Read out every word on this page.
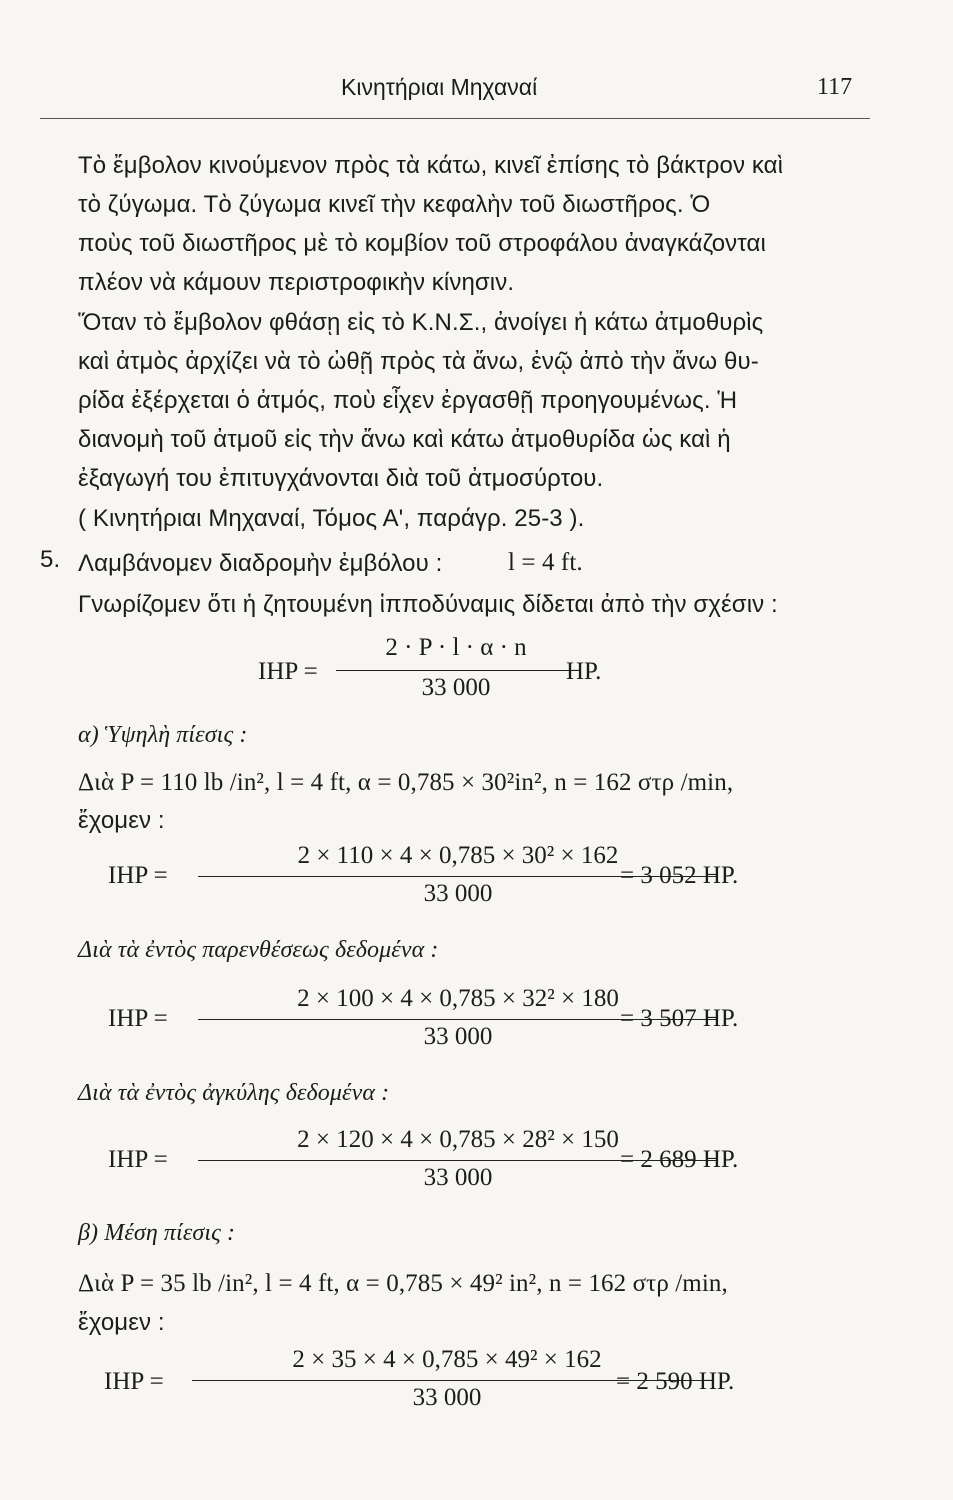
Κινητήριαι Μηχαναί	117
Τὸ ἔμβολον κινούμενον πρὸς τὰ κάτω, κινεῖ ἐπίσης τὸ βάκτρον καὶ
τὸ ζύγωμα. Τὸ ζύγωμα κινεῖ τὴν κεφαλὴν τοῦ διωστῆρος. Ὁ
ποὺς τοῦ διωστῆρος μὲ τὸ κομβίον τοῦ στροφάλου ἀναγκάζονται
πλέον νὰ κάμουν περιστροφικὴν κίνησιν.
Ὅταν τὸ ἔμβολον φθάσῃ εἰς τὸ Κ.Ν.Σ., ἀνοίγει ἡ κάτω ἀτμοθυρὶς
καὶ ἀτμὸς ἀρχίζει νὰ τὸ ὠθῇ πρὸς τὰ ἄνω, ἐνῷ ἀπὸ τὴν ἄνω θυ-
ρίδα ἐξέρχεται ὁ ἀτμός, ποὺ εἶχεν ἐργασθῇ προηγουμένως. Ἡ
διανομὴ τοῦ ἀτμοῦ εἰς τὴν ἄνω καὶ κάτω ἀτμοθυρίδα ὡς καὶ ἡ
ἐξαγωγή του ἐπιτυγχάνονται διὰ τοῦ ἀτμοσύρτου.
( Κινητήριαι Μηχαναί, Τόμος Α', παράγρ. 25-3 ).
5. Λαμβάνομεν διαδρομὴν ἐμβόλου :	l = 4 ft.
Γνωρίζομεν ὅτι ἡ ζητουμένη ἱπποδύναμις δίδεται ἀπὸ τὴν σχέσιν :
IHP =
2 · P · l · α · n
33 000
HP.
α) Ὑψηλὴ πίεσις :
Διὰ P = 110 lb /in², l = 4 ft, α = 0,785 × 30²in², n = 162 στρ /min,
ἔχομεν :
IHP =
2 × 110 × 4 × 0,785 × 30² × 162
33 000
= 3 052 HP.
Διὰ τὰ ἐντὸς παρενθέσεως δεδομένα :
IHP =
2 × 100 × 4 × 0,785 × 32² × 180
33 000
= 3 507 HP.
Διὰ τὰ ἐντὸς ἀγκύλης δεδομένα :
IHP =
2 × 120 × 4 × 0,785 × 28² × 150
33 000
= 2 689 HP.
β) Μέση πίεσις :
Διὰ P = 35 lb /in², l = 4 ft, α = 0,785 × 49² in², n = 162 στρ /min,
ἔχομεν :
IHP =
2 × 35 × 4 × 0,785 × 49² × 162
33 000
= 2 590 HP.
